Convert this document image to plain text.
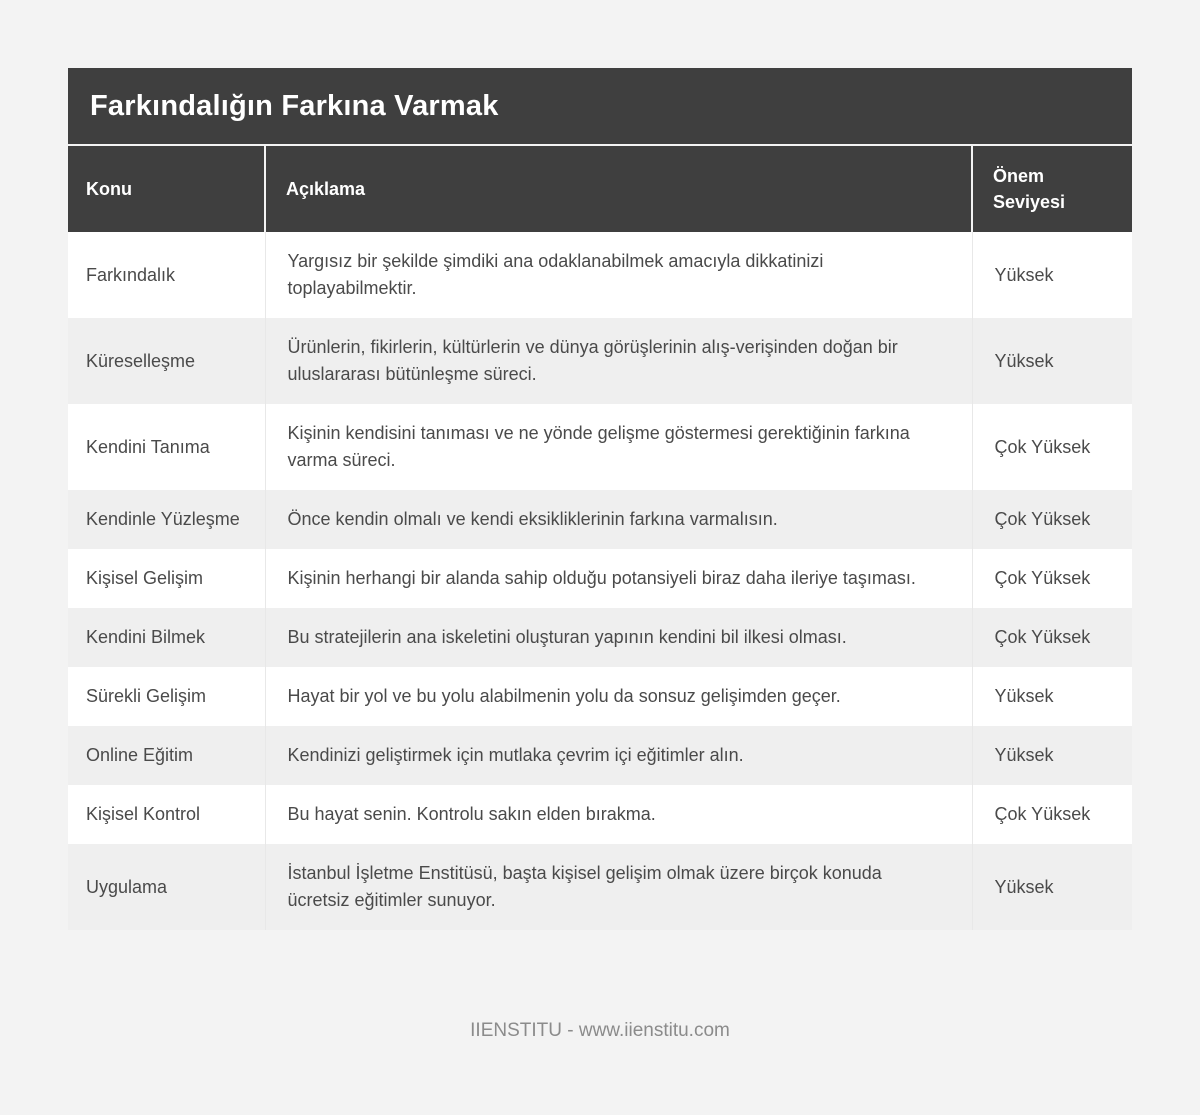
Farkındalığın Farkına Varmak
Konu	Açıklama	Önem Seviyesi
Farkındalık	Yargısız bir şekilde şimdiki ana odaklanabilmek amacıyla dikkatinizi toplayabilmektir.	Yüksek
Küreselleşme	Ürünlerin, fikirlerin, kültürlerin ve dünya görüşlerinin alış-verişinden doğan bir uluslararası bütünleşme süreci.	Yüksek
Kendini Tanıma	Kişinin kendisini tanıması ve ne yönde gelişme göstermesi gerektiğinin farkına varma süreci.	Çok Yüksek
Kendinle Yüzleşme	Önce kendin olmalı ve kendi eksikliklerinin farkına varmalısın.	Çok Yüksek
Kişisel Gelişim	Kişinin herhangi bir alanda sahip olduğu potansiyeli biraz daha ileriye taşıması.	Çok Yüksek
Kendini Bilmek	Bu stratejilerin ana iskeletini oluşturan yapının kendini bil ilkesi olması.	Çok Yüksek
Sürekli Gelişim	Hayat bir yol ve bu yolu alabilmenin yolu da sonsuz gelişimden geçer.	Yüksek
Online Eğitim	Kendinizi geliştirmek için mutlaka çevrim içi eğitimler alın.	Yüksek
Kişisel Kontrol	Bu hayat senin. Kontrolu sakın elden bırakma.	Çok Yüksek
Uygulama	İstanbul İşletme Enstitüsü, başta kişisel gelişim olmak üzere birçok konuda ücretsiz eğitimler sunuyor.	Yüksek
IIENSTITU - www.iienstitu.com
